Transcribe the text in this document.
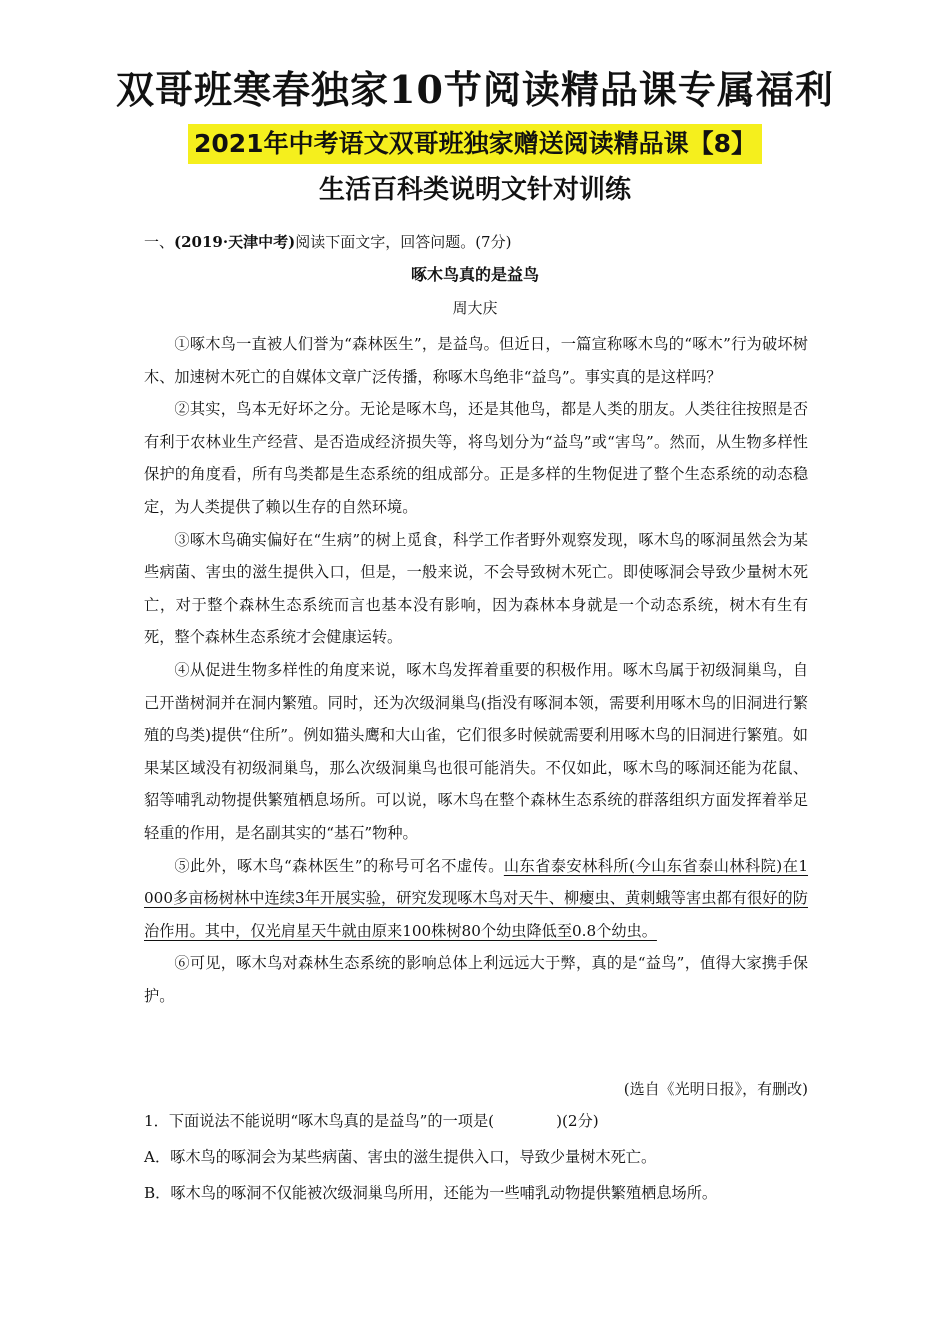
双哥班寒春独家10节阅读精品课专属福利
2021年中考语文双哥班独家赠送阅读精品课【8】
生活百科类说明文针对训练
一、(2019·天津中考)阅读下面文字，回答问题。(7分)
啄木鸟真的是益鸟
周大庆

①啄木鸟一直被人们誉为“森林医生”，是益鸟。但近日，一篇宣称啄木鸟的“啄木”行为破坏树木、加速树木死亡的自媒体文章广泛传播，称啄木鸟绝非“益鸟”。事实真的是这样吗？

②其实，鸟本无好坏之分。无论是啄木鸟，还是其他鸟，都是人类的朋友。人类往往按照是否有利于农林业生产经营、是否造成经济损失等，将鸟划分为“益鸟”或“害鸟”。然而，从生物多样性保护的角度看，所有鸟类都是生态系统的组成部分。正是多样的生物促进了整个生态系统的动态稳定，为人类提供了赖以生存的自然环境。

③啄木鸟确实偏好在“生病”的树上觅食，科学工作者野外观察发现，啄木鸟的啄洞虽然会为某些病菌、害虫的滋生提供入口，但是，一般来说，不会导致树木死亡。即使啄洞会导致少量树木死亡，对于整个森林生态系统而言也基本没有影响，因为森林本身就是一个动态系统，树木有生有死，整个森林生态系统才会健康运转。

④从促进生物多样性的角度来说，啄木鸟发挥着重要的积极作用。啄木鸟属于初级洞巢鸟，自己开凿树洞并在洞内繁殖。同时，还为次级洞巢鸟(指没有啄洞本领，需要利用啄木鸟的旧洞进行繁殖的鸟类)提供“住所”。例如猫头鹰和大山雀，它们很多时候就需要利用啄木鸟的旧洞进行繁殖。如果某区域没有初级洞巢鸟，那么次级洞巢鸟也很可能消失。不仅如此，啄木鸟的啄洞还能为花鼠、貂等哺乳动物提供繁殖栖息场所。可以说，啄木鸟在整个森林生态系统的群落组织方面发挥着举足轻重的作用，是名副其实的“基石”物种。

⑤此外，啄木鸟“森林医生”的称号可名不虚传。山东省泰安林科所(今山东省泰山林科院)在1 000多亩杨树林中连续3年开展实验，研究发现啄木鸟对天牛、柳瘿虫、黄刺蛾等害虫都有很好的防治作用。其中，仅光肩星天牛就由原来100株树80个幼虫降低至0.8个幼虫。

⑥可见，啄木鸟对森林生态系统的影响总体上利远远大于弊，真的是“益鸟”，值得大家携手保护。

(选自《光明日报》，有删改)
1．下面说法不能说明“啄木鸟真的是益鸟”的一项是(	)(2分)
A．啄木鸟的啄洞会为某些病菌、害虫的滋生提供入口，导致少量树木死亡。
B．啄木鸟的啄洞不仅能被次级洞巢鸟所用，还能为一些哺乳动物提供繁殖栖息场所。
